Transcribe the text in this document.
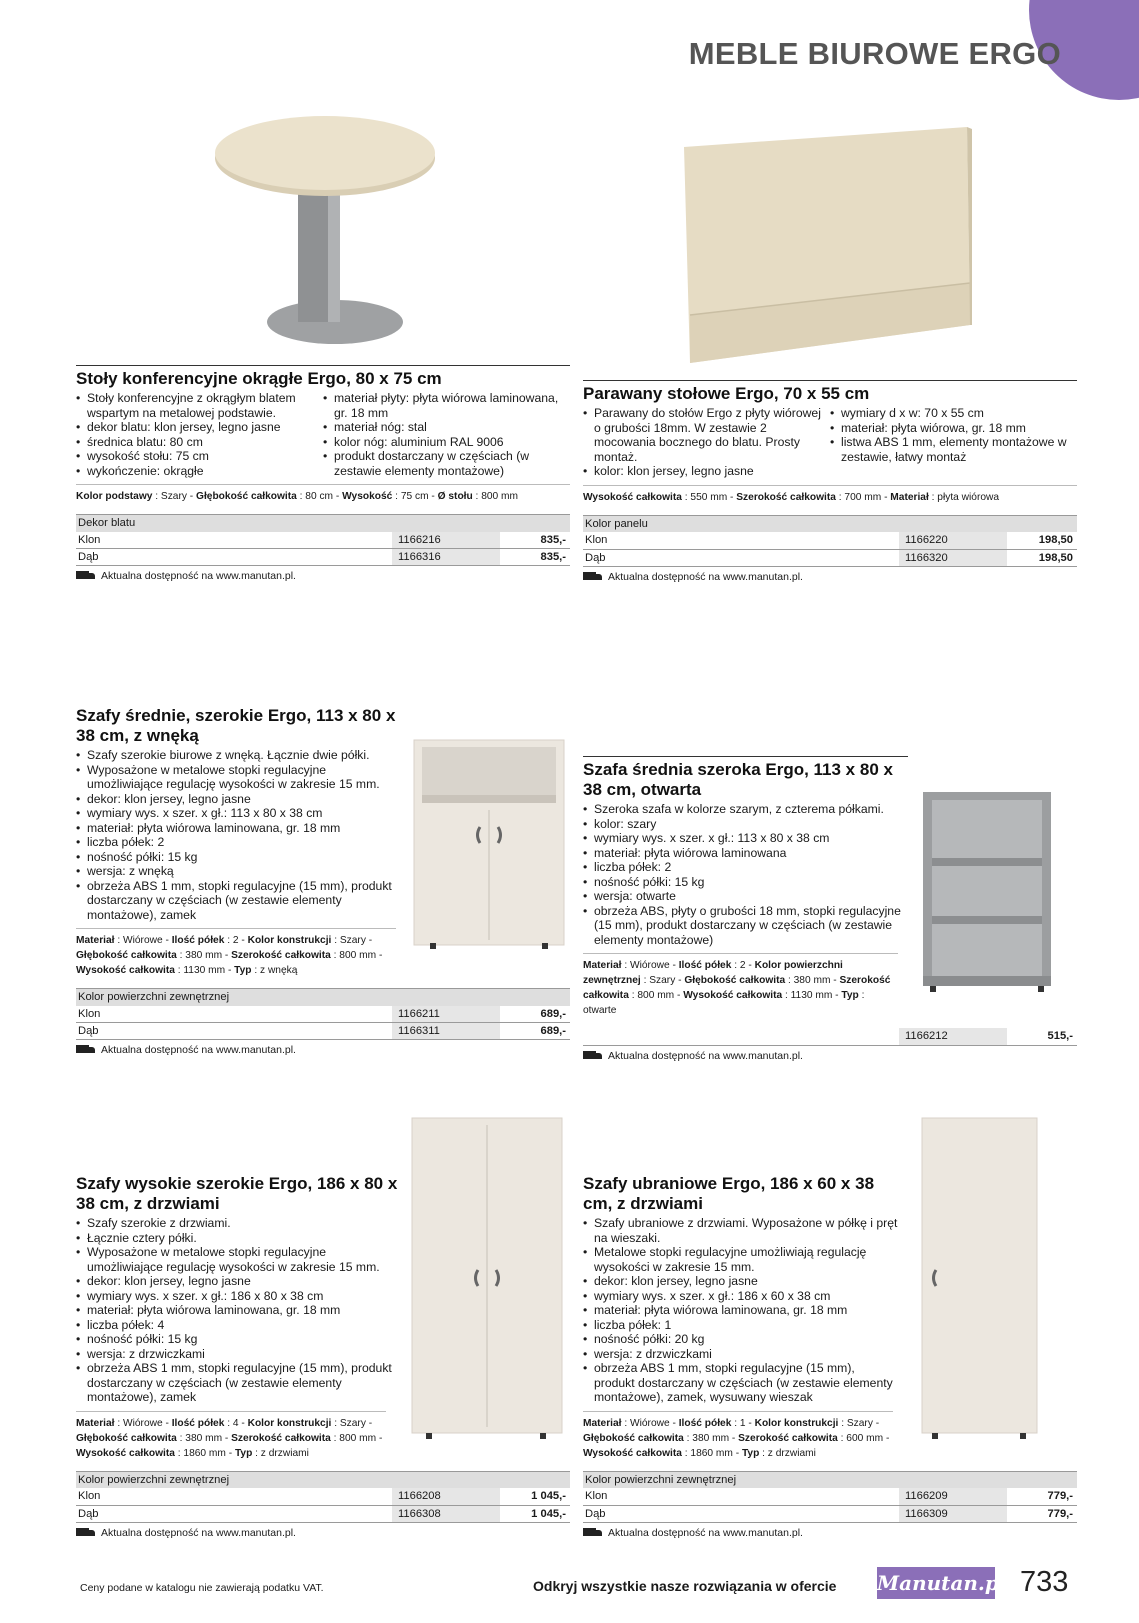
MEBLE BIUROWE ERGO
Stoły konferencyjne okrągłe Ergo, 80 x 75 cm
• Stoły konferencyjne z okrągłym blatem wspartym na metalowej podstawie.
• dekor blatu: klon jersey, legno jasne
• średnica blatu: 80 cm
• wysokość stołu: 75 cm
• wykończenie: okrągłe
• materiał płyty: płyta wiórowa laminowana, gr. 18 mm
• materiał nóg: stal
• kolor nóg: aluminium RAL 9006
• produkt dostarczany w częściach (w zestawie elementy montażowe)
Kolor podstawy : Szary - Głębokość całkowita : 80 cm - Wysokość : 75 cm - Ø stołu : 800 mm
Dekor blatu		
Klon	1166216	835,-
Dąb	1166316	835,-
Aktualna dostępność na www.manutan.pl.
Parawany stołowe Ergo, 70 x 55 cm
• Parawany do stołów Ergo z płyty wiórowej o grubości 18mm. W zestawie 2 mocowania bocznego do blatu. Prosty montaż.
• kolor: klon jersey, legno jasne
• wymiary d x w: 70 x 55 cm
• materiał: płyta wiórowa, gr. 18 mm
• listwa ABS 1 mm, elementy montażowe w zestawie, łatwy montaż
Wysokość całkowita : 550 mm - Szerokość całkowita : 700 mm - Materiał : płyta wiórowa
Kolor panelu		
Klon	1166220	198,50
Dąb	1166320	198,50
Aktualna dostępność na www.manutan.pl.
Szafy średnie, szerokie Ergo, 113 x 80 x 38 cm, z wnęką
• Szafy szerokie biurowe z wnęką. Łącznie dwie półki.
• Wyposażone w metalowe stopki regulacyjne umożliwiające regulację wysokości w zakresie 15 mm.
• dekor: klon jersey, legno jasne
• wymiary wys. x szer. x gł.: 113 x 80 x 38 cm
• materiał: płyta wiórowa laminowana, gr. 18 mm
• liczba półek: 2
• nośność półki: 15 kg
• wersja: z wnęką
• obrzeża ABS 1 mm, stopki regulacyjne (15 mm), produkt dostarczany w częściach (w zestawie elementy montażowe), zamek
Materiał : Wiórowe - Ilość półek : 2 - Kolor konstrukcji : Szary - Głębokość całkowita : 380 mm - Szerokość całkowita : 800 mm - Wysokość całkowita : 1130 mm - Typ : z wnęką
Kolor powierzchni zewnętrznej		
Klon	1166211	689,-
Dąb	1166311	689,-
Aktualna dostępność na www.manutan.pl.
Szafa średnia szeroka Ergo, 113 x 80 x 38 cm, otwarta
• Szeroka szafa w kolorze szarym, z czterema półkami.
• kolor: szary
• wymiary wys. x szer. x gł.: 113 x 80 x 38 cm
• materiał: płyta wiórowa laminowana
• liczba półek: 2
• nośność półki: 15 kg
• wersja: otwarte
• obrzeża ABS, płyty o grubości 18 mm, stopki regulacyjne (15 mm), produkt dostarczany w częściach (w zestawie elementy montażowe)
Materiał : Wiórowe - Ilość półek : 2 - Kolor powierzchni zewnętrznej : Szary - Głębokość całkowita : 380 mm - Szerokość całkowita : 800 mm - Wysokość całkowita : 1130 mm - Typ : otwarte
	1166212	515,-
Aktualna dostępność na www.manutan.pl.
Szafy wysokie szerokie Ergo, 186 x 80 x 38 cm, z drzwiami
• Szafy szerokie z drzwiami.
• Łącznie cztery półki.
• Wyposażone w metalowe stopki regulacyjne umożliwiające regulację wysokości w zakresie 15 mm.
• dekor: klon jersey, legno jasne
• wymiary wys. x szer. x gł.: 186 x 80 x 38 cm
• materiał: płyta wiórowa laminowana, gr. 18 mm
• liczba półek: 4
• nośność półki: 15 kg
• wersja: z drzwiczkami
• obrzeża ABS 1 mm, stopki regulacyjne (15 mm), produkt dostarczany w częściach (w zestawie elementy montażowe), zamek
Materiał : Wiórowe - Ilość półek : 4 - Kolor konstrukcji : Szary - Głębokość całkowita : 380 mm - Szerokość całkowita : 800 mm - Wysokość całkowita : 1860 mm - Typ : z drzwiami
Kolor powierzchni zewnętrznej		
Klon	1166208	1 045,-
Dąb	1166308	1 045,-
Aktualna dostępność na www.manutan.pl.
Szafy ubraniowe Ergo, 186 x 60 x 38 cm, z drzwiami
• Szafy ubraniowe z drzwiami. Wyposażone w półkę i pręt na wieszaki.
• Metalowe stopki regulacyjne umożliwiają regulację wysokości w zakresie 15 mm.
• dekor: klon jersey, legno jasne
• wymiary wys. x szer. x gł.: 186 x 60 x 38 cm
• materiał: płyta wiórowa laminowana, gr. 18 mm
• liczba półek: 1
• nośność półki: 20 kg
• wersja: z drzwiczkami
• obrzeża ABS 1 mm, stopki regulacyjne (15 mm), produkt dostarczany w częściach (w zestawie elementy montażowe), zamek, wysuwany wieszak
Materiał : Wiórowe - Ilość półek : 1 - Kolor konstrukcji : Szary - Głębokość całkowita : 380 mm - Szerokość całkowita : 600 mm - Wysokość całkowita : 1860 mm - Typ : z drzwiami
Kolor powierzchni zewnętrznej		
Klon	1166209	779,-
Dąb	1166309	779,-
Aktualna dostępność na www.manutan.pl.
Ceny podane w katalogu nie zawierają podatku VAT.	Odkryj wszystkie nasze rozwiązania w ofercie Manutan.pl 733
